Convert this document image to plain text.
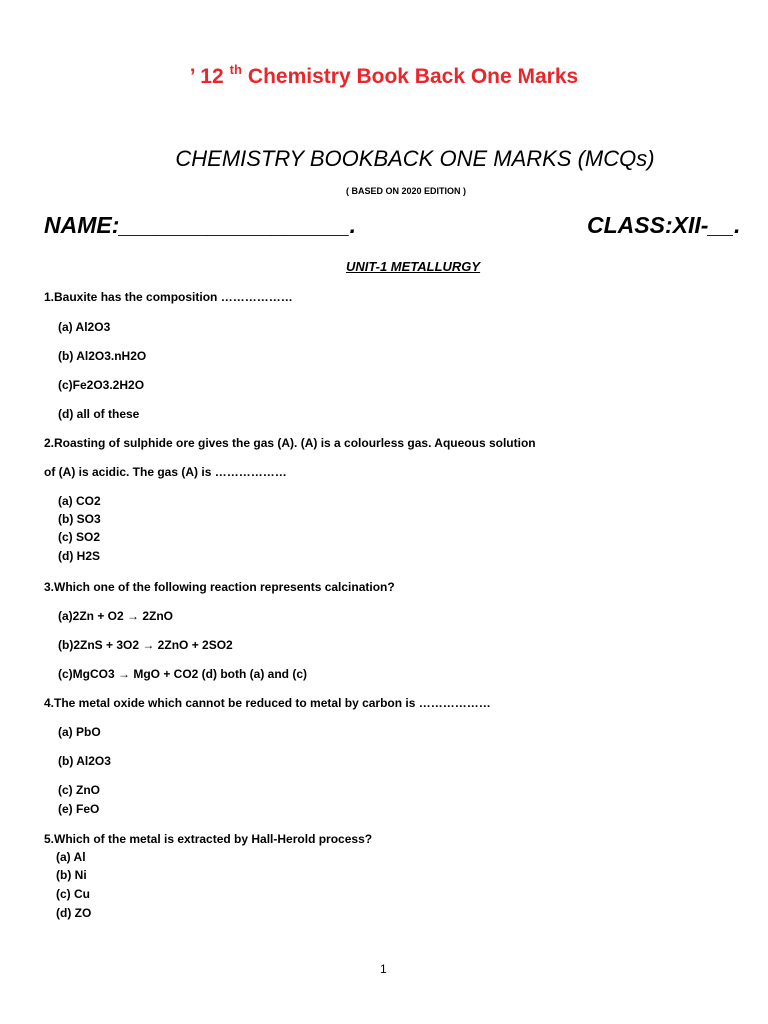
’ 12 $^{th}$ Chemistry Book Back One Marks
CHEMISTRY BOOKBACK ONE MARKS (MCQs)
( BASED ON 2020 EDITION )
NAME:__________________.	CLASS:XII-__.
UNIT-1 METALLURGY
1.Bauxite has the composition ………………
(a) Al2O3
(b) Al2O3.nH2O
(c)Fe2O3.2H2O
(d) all of these
2.Roasting of sulphide ore gives the gas (A). (A) is a colourless gas. Aqueous solution
of (A) is acidic. The gas (A) is ………………
(a) CO2
(b) SO3
(c) SO2
(d) H2S
3.Which one of the following reaction represents calcination?
(a)2Zn + O2 → 2ZnO
(b)2ZnS + 3O2 → 2ZnO + 2SO2
(c)MgCO3 → MgO + CO2 (d) both (a) and (c)
4.The metal oxide which cannot be reduced to metal by carbon is ………………
(a) PbO
(b) Al2O3
(c) ZnO
(e) FeO
5.Which of the metal is extracted by Hall-Herold process?
(a) Al
(b) Ni
(c) Cu
(d) ZO
1
